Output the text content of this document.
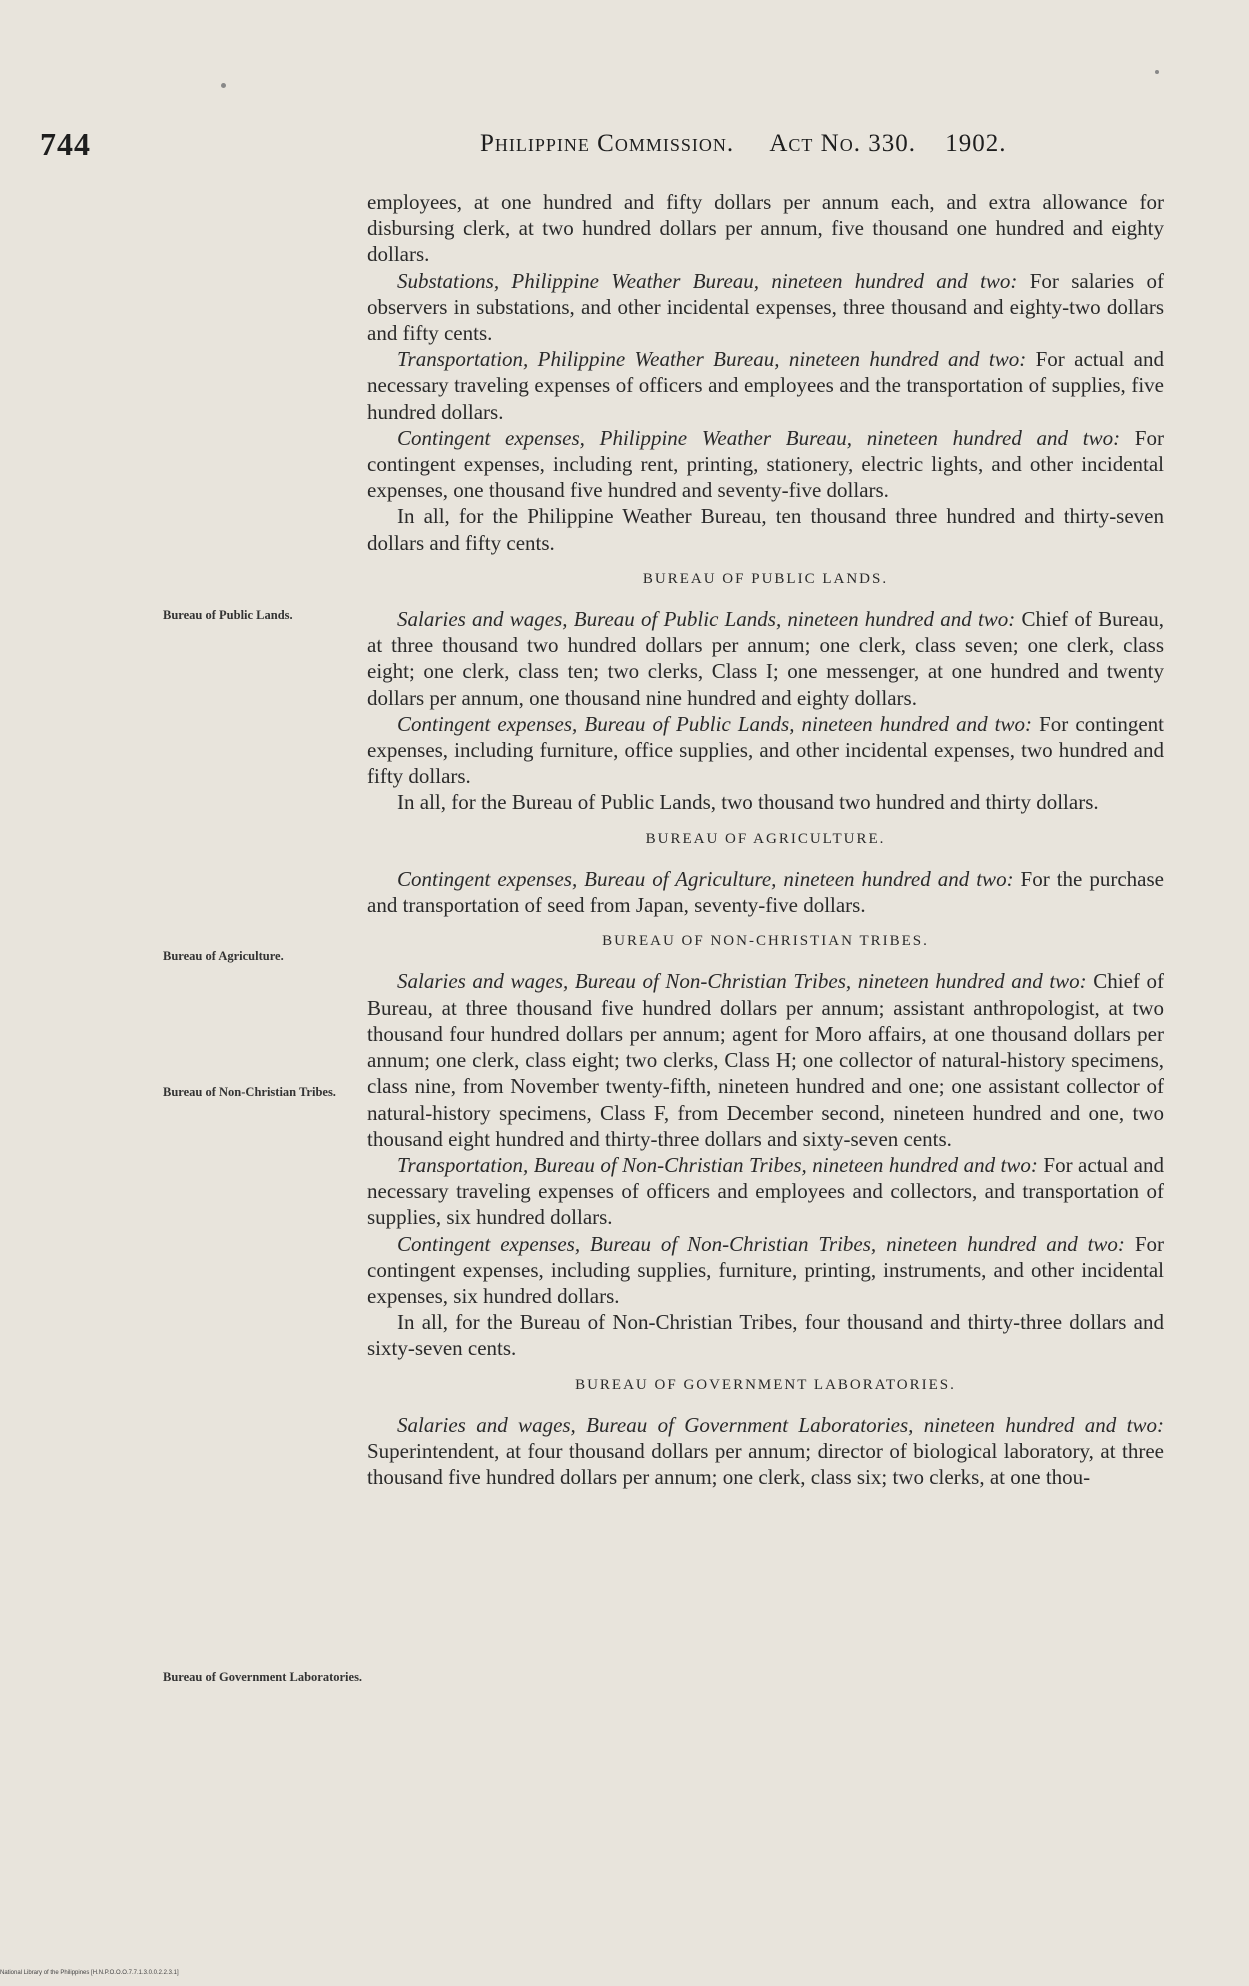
744	Philippine Commission. Act No. 330. 1902.
Bureau of Public Lands.
Bureau of Agriculture.
Bureau of Non-Christian Tribes.
Bureau of Government Laboratories.

employees, at one hundred and fifty dollars per annum each, and extra allowance for disbursing clerk, at two hundred dollars per annum, five thousand one hundred and eighty dollars.

Substations, Philippine Weather Bureau, nineteen hundred and two: For salaries of observers in substations, and other incidental expenses, three thousand and eighty-two dollars and fifty cents.

Transportation, Philippine Weather Bureau, nineteen hundred and two: For actual and necessary traveling expenses of officers and employees and the transportation of supplies, five hundred dollars.

Contingent expenses, Philippine Weather Bureau, nineteen hundred and two: For contingent expenses, including rent, printing, stationery, electric lights, and other incidental expenses, one thousand five hundred and seventy-five dollars.

In all, for the Philippine Weather Bureau, ten thousand three hundred and thirty-seven dollars and fifty cents.

BUREAU OF PUBLIC LANDS.

Salaries and wages, Bureau of Public Lands, nineteen hundred and two: Chief of Bureau, at three thousand two hundred dollars per annum; one clerk, class seven; one clerk, class eight; one clerk, class ten; two clerks, Class I; one messenger, at one hundred and twenty dollars per annum, one thousand nine hundred and eighty dollars.

Contingent expenses, Bureau of Public Lands, nineteen hundred and two: For contingent expenses, including furniture, office supplies, and other incidental expenses, two hundred and fifty dollars.

In all, for the Bureau of Public Lands, two thousand two hundred and thirty dollars.

BUREAU OF AGRICULTURE.

Contingent expenses, Bureau of Agriculture, nineteen hundred and two: For the purchase and transportation of seed from Japan, seventy-five dollars.

BUREAU OF NON-CHRISTIAN TRIBES.

Salaries and wages, Bureau of Non-Christian Tribes, nineteen hundred and two: Chief of Bureau, at three thousand five hundred dollars per annum; assistant anthropologist, at two thousand four hundred dollars per annum; agent for Moro affairs, at one thousand dollars per annum; one clerk, class eight; two clerks, Class H; one collector of natural-history specimens, class nine, from November twenty-fifth, nineteen hundred and one; one assistant collector of natural-history specimens, Class F, from December second, nineteen hundred and one, two thousand eight hundred and thirty-three dollars and sixty-seven cents.

Transportation, Bureau of Non-Christian Tribes, nineteen hundred and two: For actual and necessary traveling expenses of officers and employees and collectors, and transportation of supplies, six hundred dollars.

Contingent expenses, Bureau of Non-Christian Tribes, nineteen hundred and two: For contingent expenses, including supplies, furniture, printing, instruments, and other incidental expenses, six hundred dollars.

In all, for the Bureau of Non-Christian Tribes, four thousand and thirty-three dollars and sixty-seven cents.

BUREAU OF GOVERNMENT LABORATORIES.

Salaries and wages, Bureau of Government Laboratories, nineteen hundred and two: Superintendent, at four thousand dollars per annum; director of biological laboratory, at three thousand five hundred dollars per annum; one clerk, class six; two clerks, at one thou-

National Library of the Philippines [H.N.P.O.O.O.7.7.1.3.0.0.2.2.3.1]
